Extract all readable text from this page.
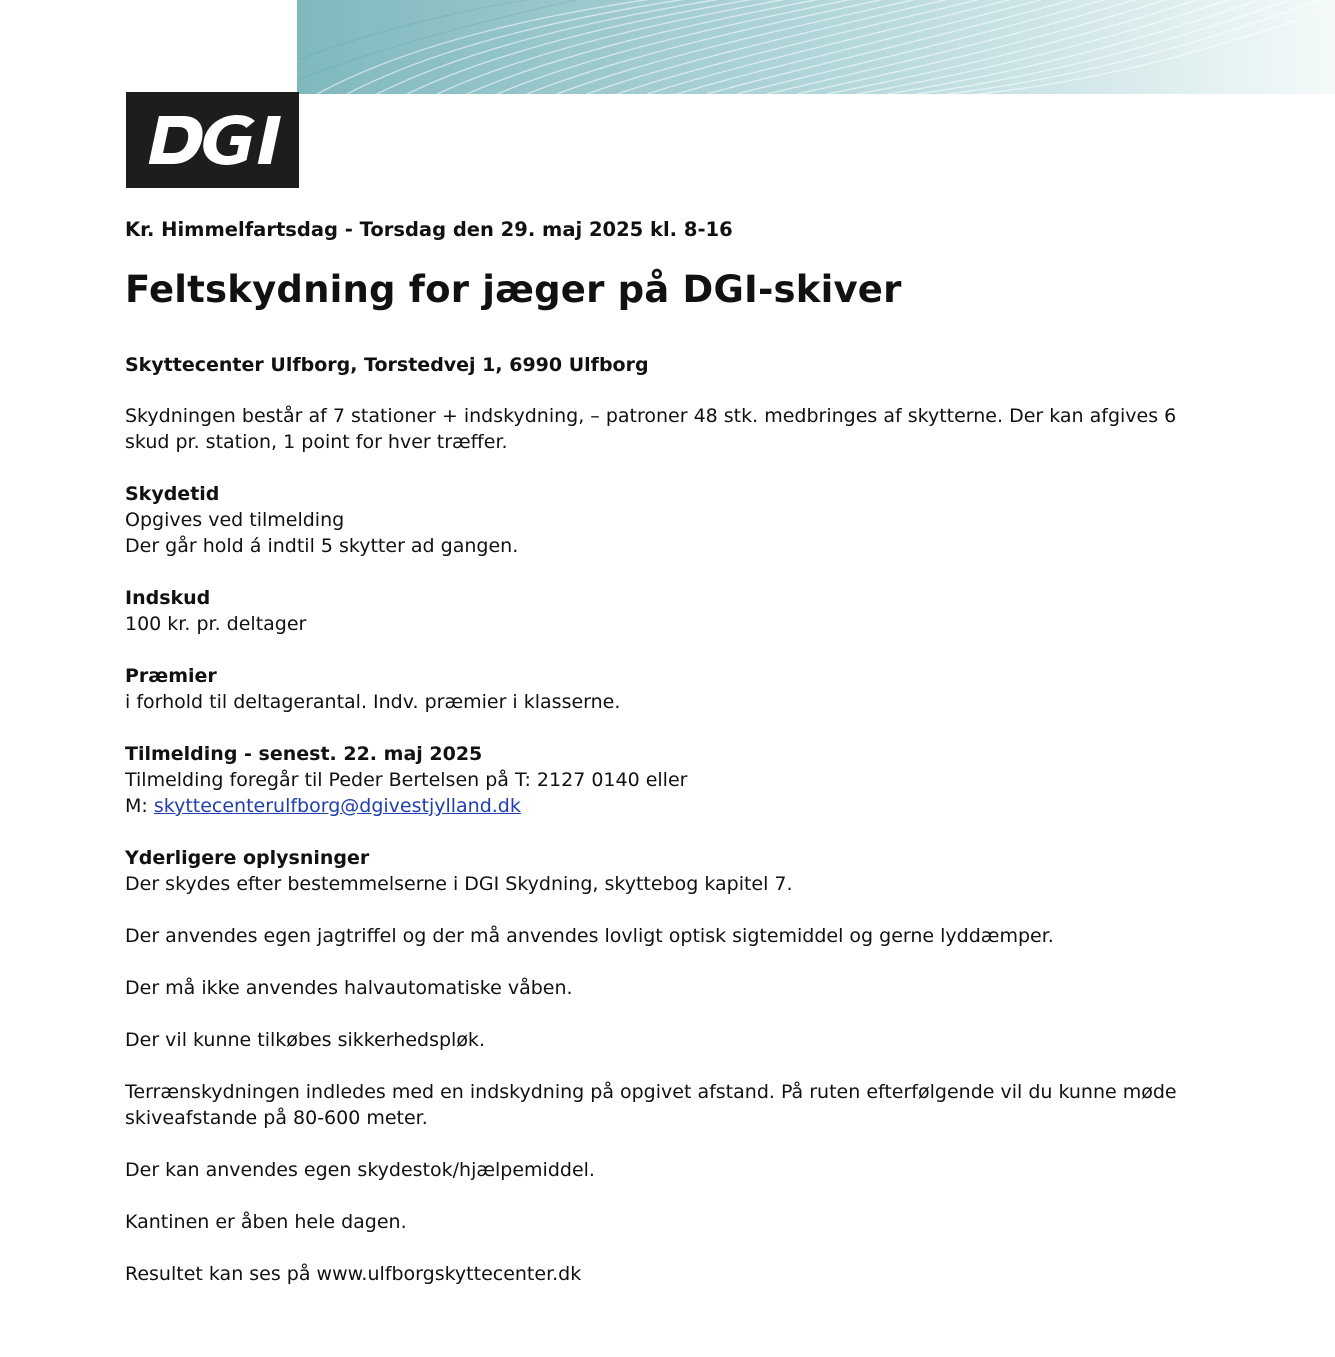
Kr. Himmelfartsdag - Torsdag den 29. maj 2025 kl. 8-16
Feltskydning for jæger på DGI-skiver
Skyttecenter Ulfborg, Torstedvej 1, 6990 Ulfborg
Skydningen består af 7 stationer + indskydning, – patroner 48 stk. medbringes af skytterne. Der kan afgives 6 skud pr. station, 1 point for hver træffer.
Skydetid
Opgives ved tilmelding
Der går hold á indtil 5 skytter ad gangen.
Indskud
100 kr. pr. deltager
Præmier
i forhold til deltagerantal. Indv. præmier i klasserne.
Tilmelding - senest. 22. maj 2025
Tilmelding foregår til Peder Bertelsen på T: 2127 0140 eller
M: skyttecenterulfborg@dgivestjylland.dk
Yderligere oplysninger
Der skydes efter bestemmelserne i DGI Skydning, skyttebog kapitel 7.
Der anvendes egen jagtriffel og der må anvendes lovligt optisk sigtemiddel og gerne lyddæmper.
Der må ikke anvendes halvautomatiske våben.
Der vil kunne tilkøbes sikkerhedspløk.
Terrænskydningen indledes med en indskydning på opgivet afstand. På ruten efterfølgende vil du kunne møde skiveafstande på 80-600 meter.
Der kan anvendes egen skydestok/hjælpemiddel.
Kantinen er åben hele dagen.
Resultet kan ses på www.ulfborgskyttecenter.dk
